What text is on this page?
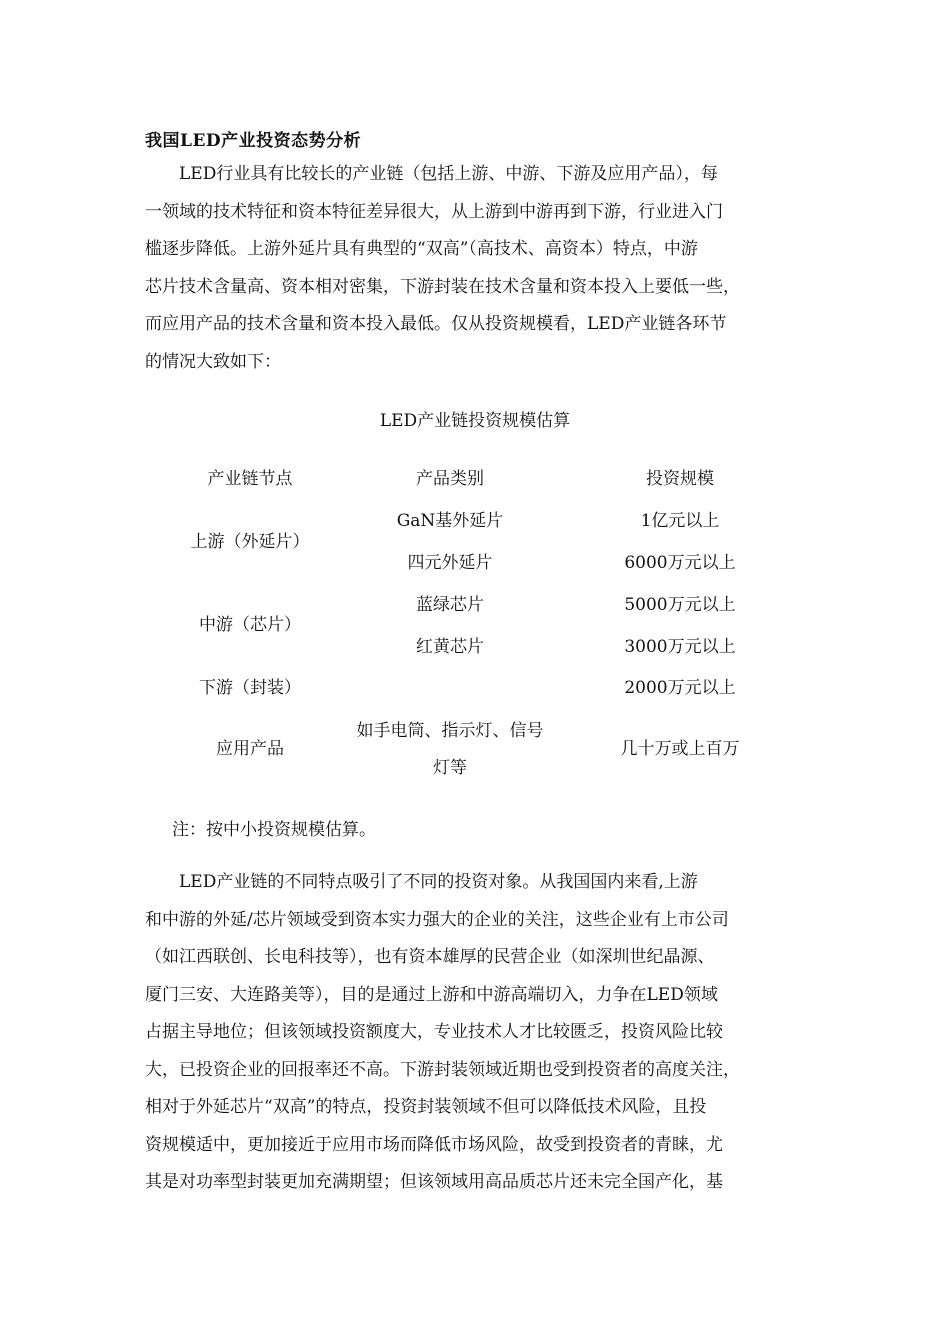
我国LED产业投资态势分析
　　LED行业具有比较长的产业链（包括上游、中游、下游及应用产品），每
一领域的技术特征和资本特征差异很大，从上游到中游再到下游，行业进入门
槛逐步降低。上游外延片具有典型的“双高”（高技术、高资本）特点，中游
芯片技术含量高、资本相对密集，下游封装在技术含量和资本投入上要低一些，
而应用产品的技术含量和资本投入最低。仅从投资规模看，LED产业链各环节
的情况大致如下：
LED产业链投资规模估算
产业链节点	产品类别	投资规模
上游（外延片）
中游（芯片）
下游（封装）
应用产品
GaN基外延片
四元外延片
蓝绿芯片
红黄芯片
如手电筒、指示灯、信号
灯等
1亿元以上
6000万元以上
5000万元以上
3000万元以上
2000万元以上
几十万或上百万
注：按中小投资规模估算。
　　LED产业链的不同特点吸引了不同的投资对象。从我国国内来看,上游
和中游的外延/芯片领域受到资本实力强大的企业的关注，这些企业有上市公司
（如江西联创、长电科技等），也有资本雄厚的民营企业（如深圳世纪晶源、
厦门三安、大连路美等），目的是通过上游和中游高端切入，力争在LED领域
占据主导地位；但该领域投资额度大，专业技术人才比较匮乏，投资风险比较
大，已投资企业的回报率还不高。下游封装领域近期也受到投资者的高度关注，
相对于外延芯片“双高”的特点，投资封装领域不但可以降低技术风险，且投
资规模适中，更加接近于应用市场而降低市场风险，故受到投资者的青睐，尤
其是对功率型封装更加充满期望；但该领域用高品质芯片还未完全国产化，基
